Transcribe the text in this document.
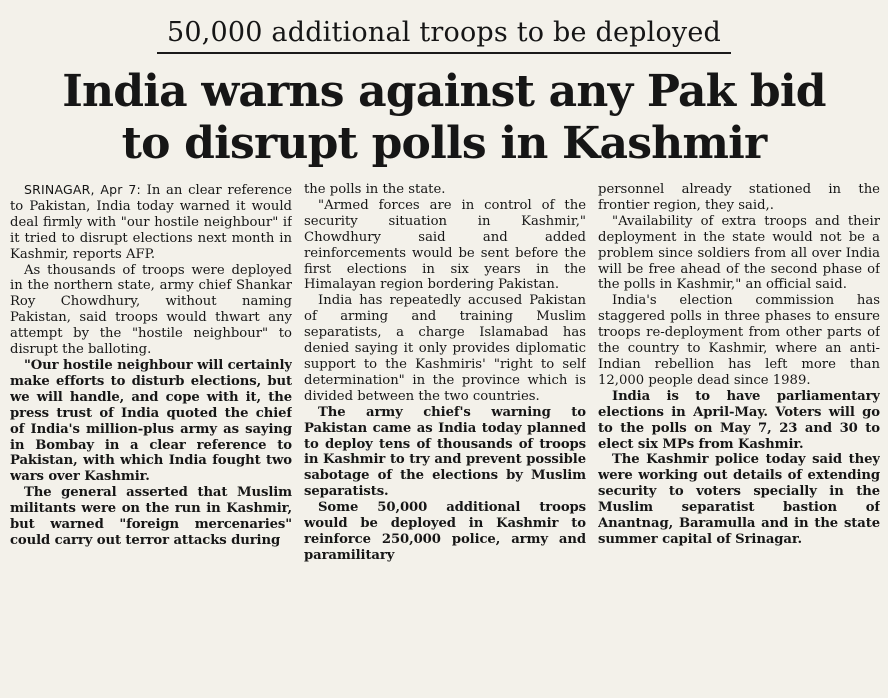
50,000 additional troops to be deployed
India warns against any Pak bid
to disrupt polls in Kashmir

SRINAGAR, Apr 7: In an clear reference to Pakistan, India today warned it would deal firmly with "our hostile neighbour" if it tried to disrupt elections next month in Kashmir, reports AFP.

As thousands of troops were deployed in the northern state, army chief Shankar Roy Chowdhury, without naming Pakistan, said troops would thwart any attempt by the "hostile neighbour" to disrupt the balloting.

"Our hostile neighbour will certainly make efforts to disturb elections, but we will handle, and cope with it, the press trust of India quoted the chief of India's million-plus army as saying in Bombay in a clear reference to Pakistan, with which India fought two wars over Kashmir.

The general asserted that Muslim militants were on the run in Kashmir, but warned "foreign mercenaries" could carry out terror attacks during

the polls in the state.

"Armed forces are in control of the security situation in Kashmir," Chowdhury said and added reinforcements would be sent before the first elections in six years in the Himalayan region bordering Pakistan.

India has repeatedly accused Pakistan of arming and training Muslim separatists, a charge Islamabad has denied saying it only provides diplomatic support to the Kashmiris' "right to self determination" in the province which is divided between the two countries.

The army chief's warning to Pakistan came as India today planned to deploy tens of thousands of troops in Kashmir to try and prevent possible sabotage of the elections by Muslim separatists.

Some 50,000 additional troops would be deployed in Kashmir to reinforce 250,000 police, army and paramilitary

personnel already stationed in the frontier region, they said,.

"Availability of extra troops and their deployment in the state would not be a problem since soldiers from all over India will be free ahead of the second phase of the polls in Kashmir," an official said.

India's election commission has staggered polls in three phases to ensure troops re-deployment from other parts of the country to Kashmir, where an anti-Indian rebellion has left more than 12,000 people dead since 1989.

India is to have parliamentary elections in April-May. Voters will go to the polls on May 7, 23 and 30 to elect six MPs from Kashmir.

The Kashmir police today said they were working out details of extending security to voters specially in the Muslim separatist bastion of Anantnag, Baramulla and in the state summer capital of Srinagar.
